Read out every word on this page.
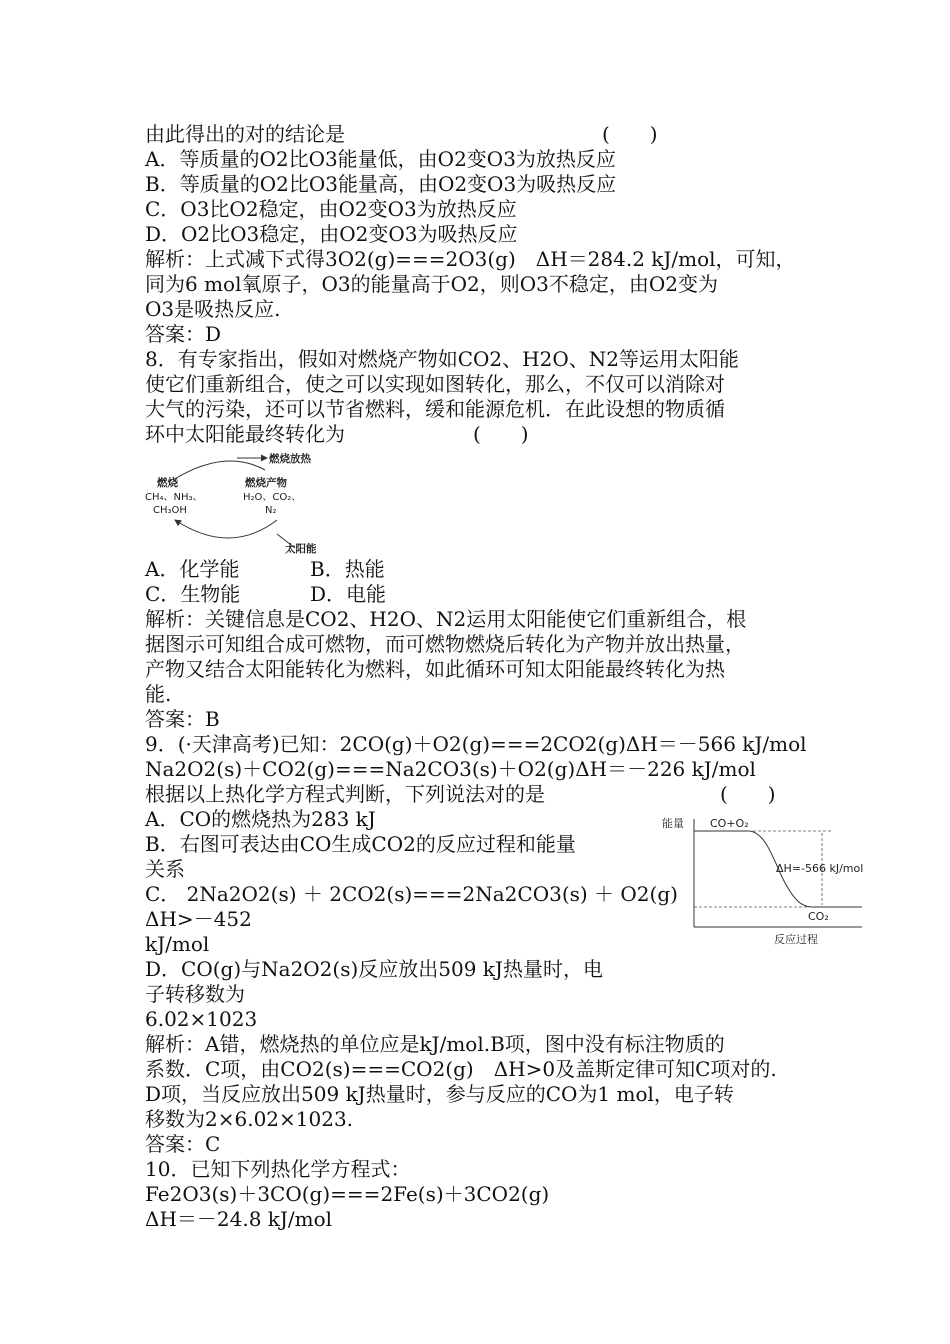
由此得出的对的结论是	(　　)
A．等质量的O2比O3能量低，由O2变O3为放热反应
B．等质量的O2比O3能量高，由O2变O3为吸热反应
C．O3比O2稳定，由O2变O3为放热反应
D．O2比O3稳定，由O2变O3为吸热反应
解析：上式减下式得3O2(g)===2O3(g)　ΔH＝284.2 kJ/mol，可知，
同为6 mol氧原子，O3的能量高于O2，则O3不稳定，由O2变为
O3是吸热反应.
答案：D
8．有专家指出，假如对燃烧产物如CO2、H2O、N2等运用太阳能
使它们重新组合，使之可以实现如图转化，那么，不仅可以消除对
大气的污染，还可以节省燃料，缓和能源危机．在此设想的物质循
环中太阳能最终转化为	(　　)
燃烧放热
太阳能
燃烧
CH₄、NH₃、
CH₃OH
燃烧产物
H₂O、CO₂、
N₂
A．化学能	B．热能
C．生物能	D．电能
解析：关键信息是CO2、H2O、N2运用太阳能使它们重新组合，根
据图示可知组合成可燃物，而可燃物燃烧后转化为产物并放出热量，
产物又结合太阳能转化为燃料，如此循环可知太阳能最终转化为热
能.
答案：B
9．(·天津高考)已知：2CO(g)＋O2(g)===2CO2(g)ΔH＝－566 kJ/mol
Na2O2(s)＋CO2(g)===Na2CO3(s)＋O2(g)ΔH＝－226 kJ/mol
根据以上热化学方程式判断，下列说法对的是	(　　)
A．CO的燃烧热为283 kJ
B．右图可表达由CO生成CO2的反应过程和能量
关系
C． 2Na2O2(s) ＋ 2CO2(s)===2Na2CO3(s) ＋ O2(g)
ΔH>－452
kJ/mol
D．CO(g)与Na2O2(s)反应放出509 kJ热量时，电
子转移数为
6.02×1023
解析：A错，燃烧热的单位应是kJ/mol.B项，图中没有标注物质的
系数．C项，由CO2(s)===CO2(g)　ΔH>0及盖斯定律可知C项对的.
D项，当反应放出509 kJ热量时，参与反应的CO为1 mol，电子转
移数为2×6.02×1023.
答案：C
10．已知下列热化学方程式：
Fe2O3(s)＋3CO(g)===2Fe(s)＋3CO2(g)
ΔH＝－24.8 kJ/mol
能量
反应过程
CO+O₂
ΔH=-566 kJ/mol
CO₂
